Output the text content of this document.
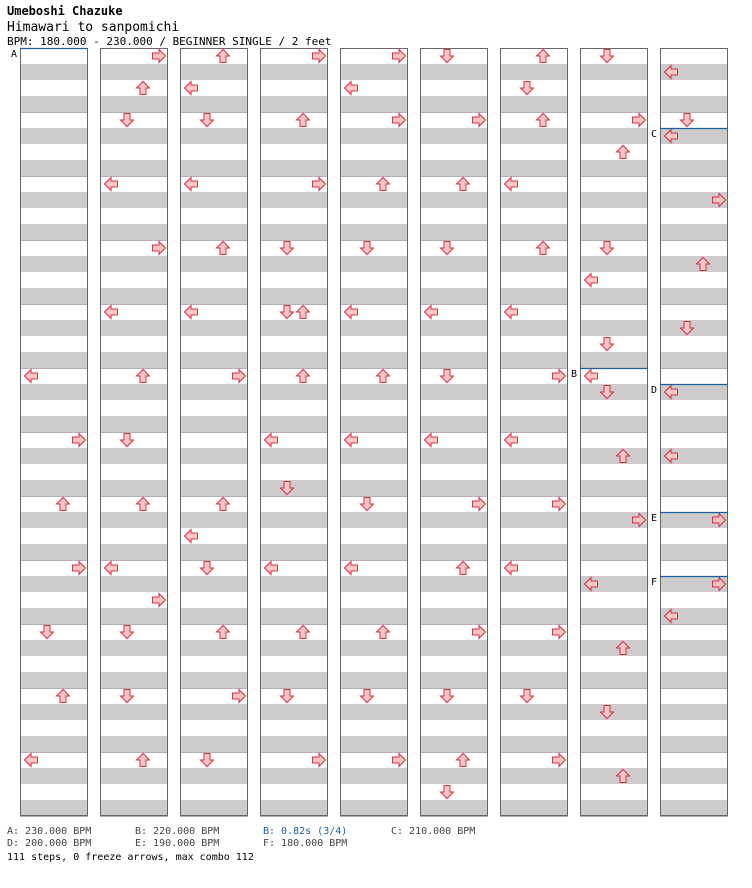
Umeboshi Chazuke
Himawari to sanpomichi
BPM: 180.000 - 230.000 / BEGINNER SINGLE / 2 feet
A
B
C
D
E
F
A: 230.000 BPM	B: 220.000 BPM	B: 0.82s (3/4)	C: 210.000 BPM
D: 200.000 BPM	E: 190.000 BPM	F: 180.000 BPM
111 steps, 0 freeze arrows, max combo 112
